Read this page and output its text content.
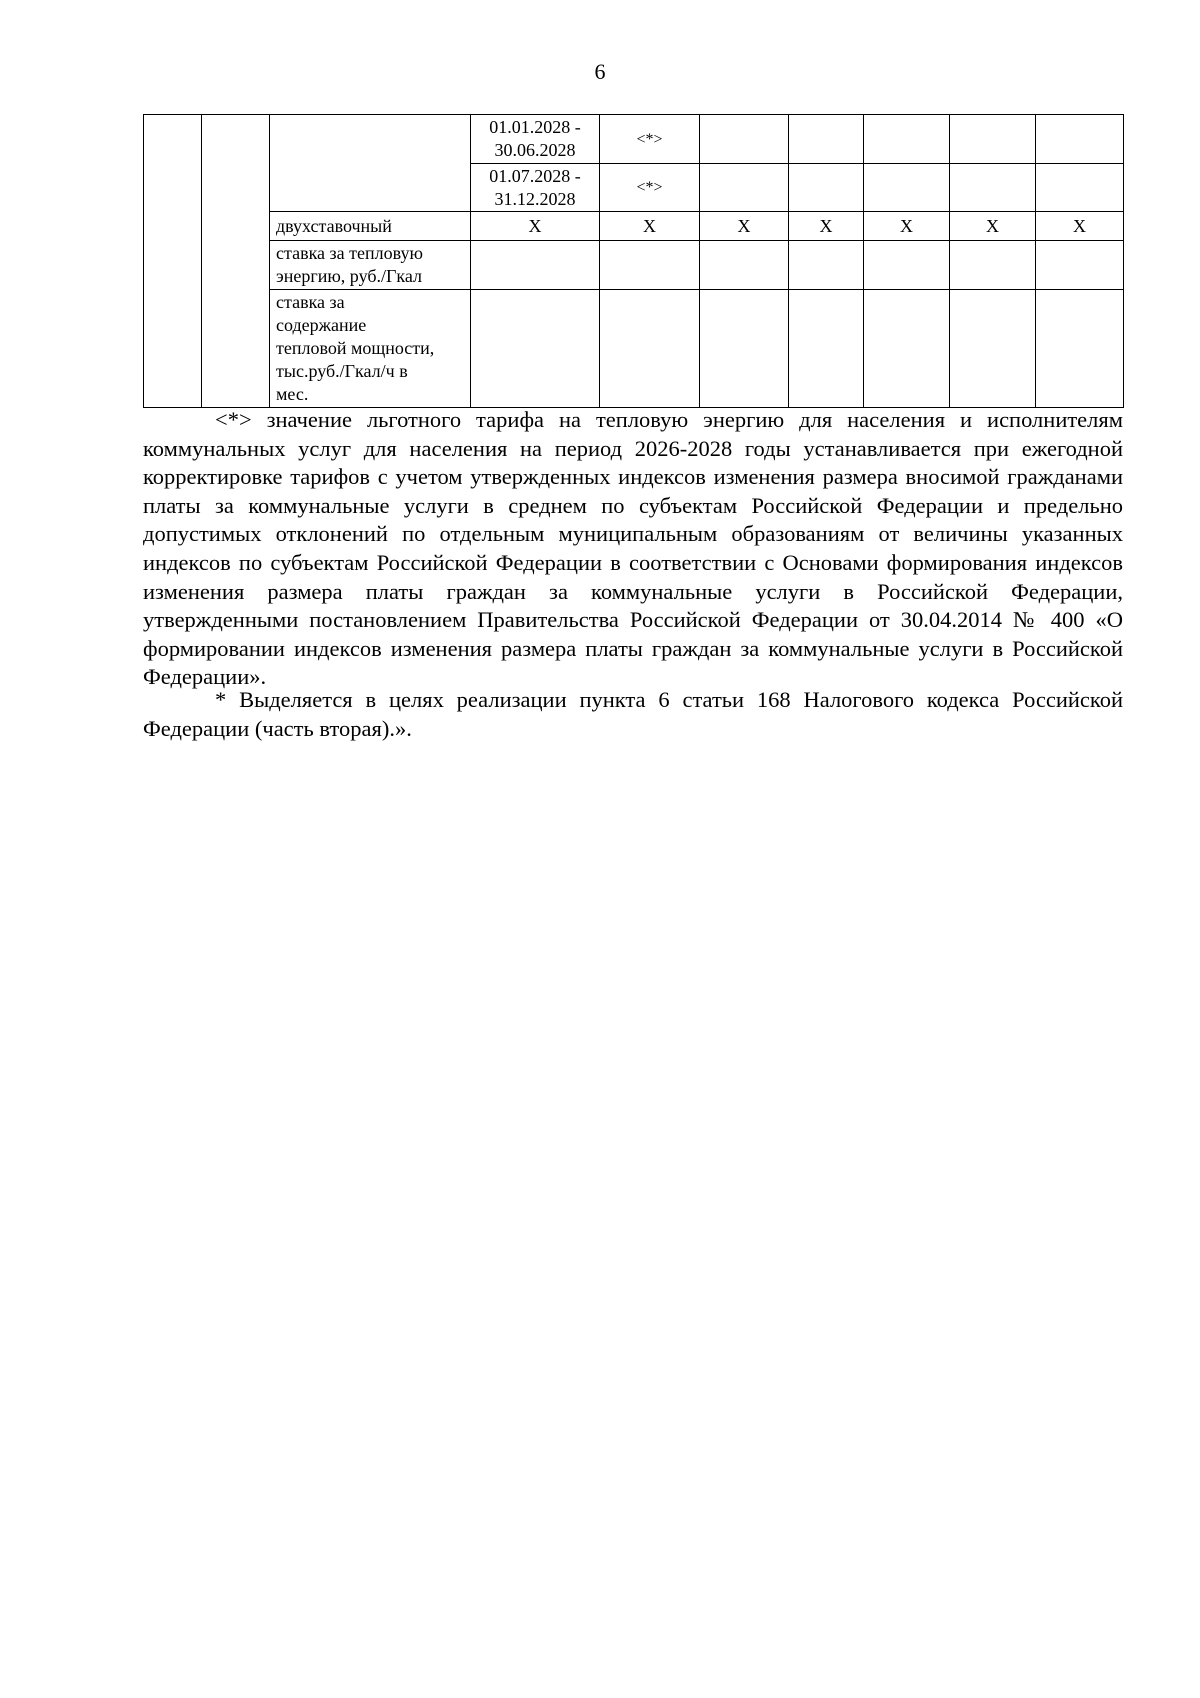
6

			01.01.2028 -
30.06.2028	<*>					

			01.07.2028 -
31.12.2028	<*>					
		двухставочный	Х	Х	Х	Х	Х	Х	Х

		ставка за тепловую
энергию, руб./Гкал							

		ставка за
содержание
тепловой мощности,
тыс.руб./Гкал/ч в
мес.							

<*> значение льготного тарифа на тепловую энергию для населения и исполнителям коммунальных услуг для населения на период 2026-2028 годы устанавливается при ежегодной корректировке тарифов с учетом утвержденных индексов изменения размера вносимой гражданами платы за коммунальные услуги в среднем по субъектам Российской Федерации и предельно допустимых отклонений по отдельным муниципальным образованиям от величины указанных индексов по субъектам Российской Федерации в соответствии с Основами формирования индексов изменения размера платы граждан за коммунальные услуги в Российской Федерации, утвержденными постановлением Правительства Российской Федерации от 30.04.2014 № 400 «О формировании индексов изменения размера платы граждан за коммунальные услуги в Российской Федерации».

* Выделяется в целях реализации пункта 6 статьи 168 Налогового кодекса Российской Федерации (часть вторая).».
